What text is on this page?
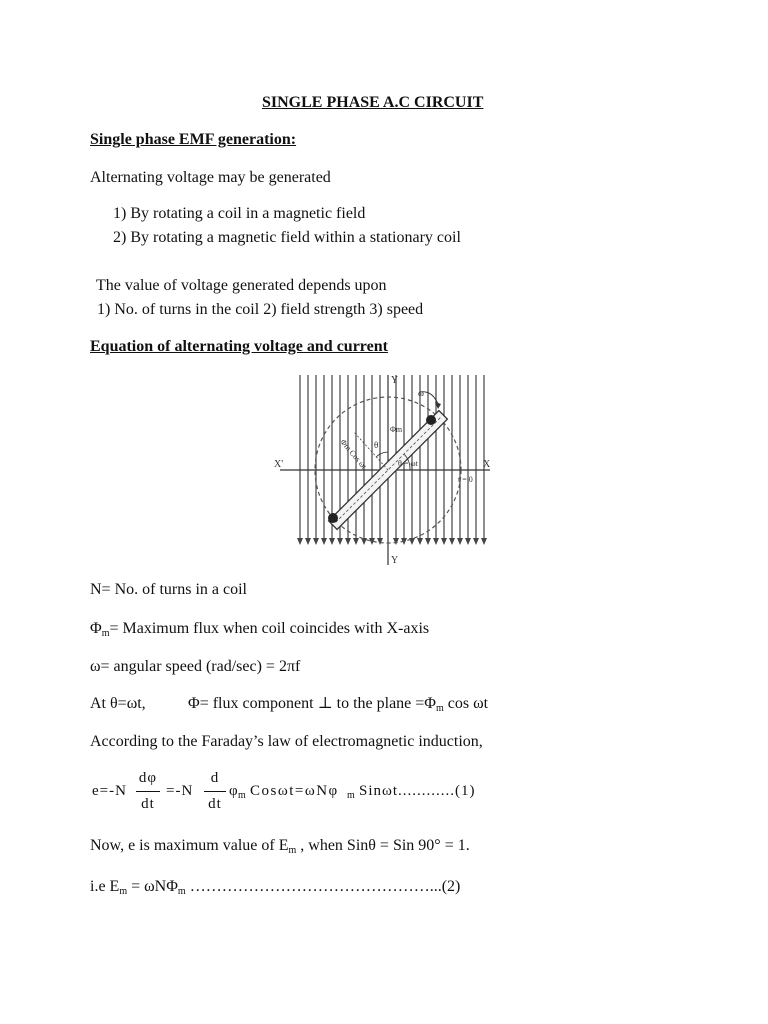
SINGLE PHASE A.C CIRCUIT
Single phase EMF generation:
Alternating voltage may be generated
1) By rotating a coil in a magnetic field
2) By rotating a magnetic field within a stationary coil
The value of voltage generated depends upon
1) No. of turns in the coil 2) field strength 3) speed
Equation of alternating voltage and current
Y
Y
X
X'
θ
θ = ωt
Φm
Φm Cos ωt
t = 0
ω
N= No. of turns in a coil
Φm= Maximum flux when coil coincides with X-axis
ω= angular speed (rad/sec) = 2πf
At θ=ωt,	Φ= flux component ⊥ to the plane =Φm cos ωt
According to the Faraday’s law of electromagnetic induction,
e=-N
dφ
dt
=-N
d
dt
φ m Cosωt=ωNφ m Sinωt............(1)
Now, e is maximum value of Em , when Sinθ = Sin 90° = 1.
i.e Em = ωNΦm ………………………………………...(2)
